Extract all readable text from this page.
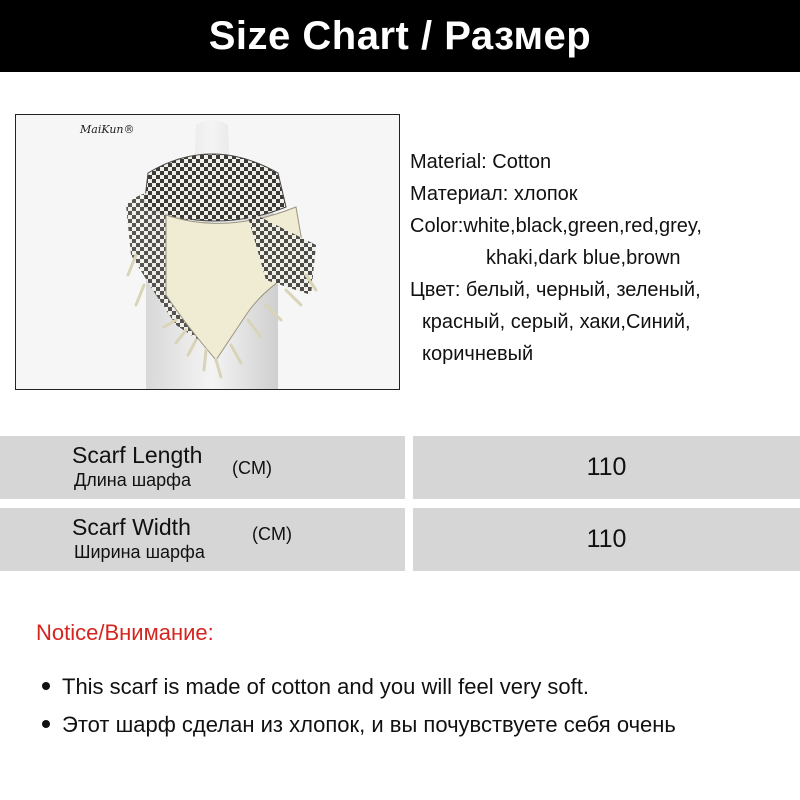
Size Chart / Размер
MaiKun®
Material: Cotton
Материал: хлопок
Color:white,black,green,red,grey,
khaki,dark blue,brown
Цвет: белый, черный, зеленый,
красный, серый, хаки,Синий,
коричневый
Scarf Length
Длина шарфа
(CM)	110
Scarf Width
Ширина шарфа
(CM)	110
Notice/Внимание:
This scarf is made of cotton and you will feel very soft.
Этот шарф сделан из хлопок, и вы почувствуете себя очень
